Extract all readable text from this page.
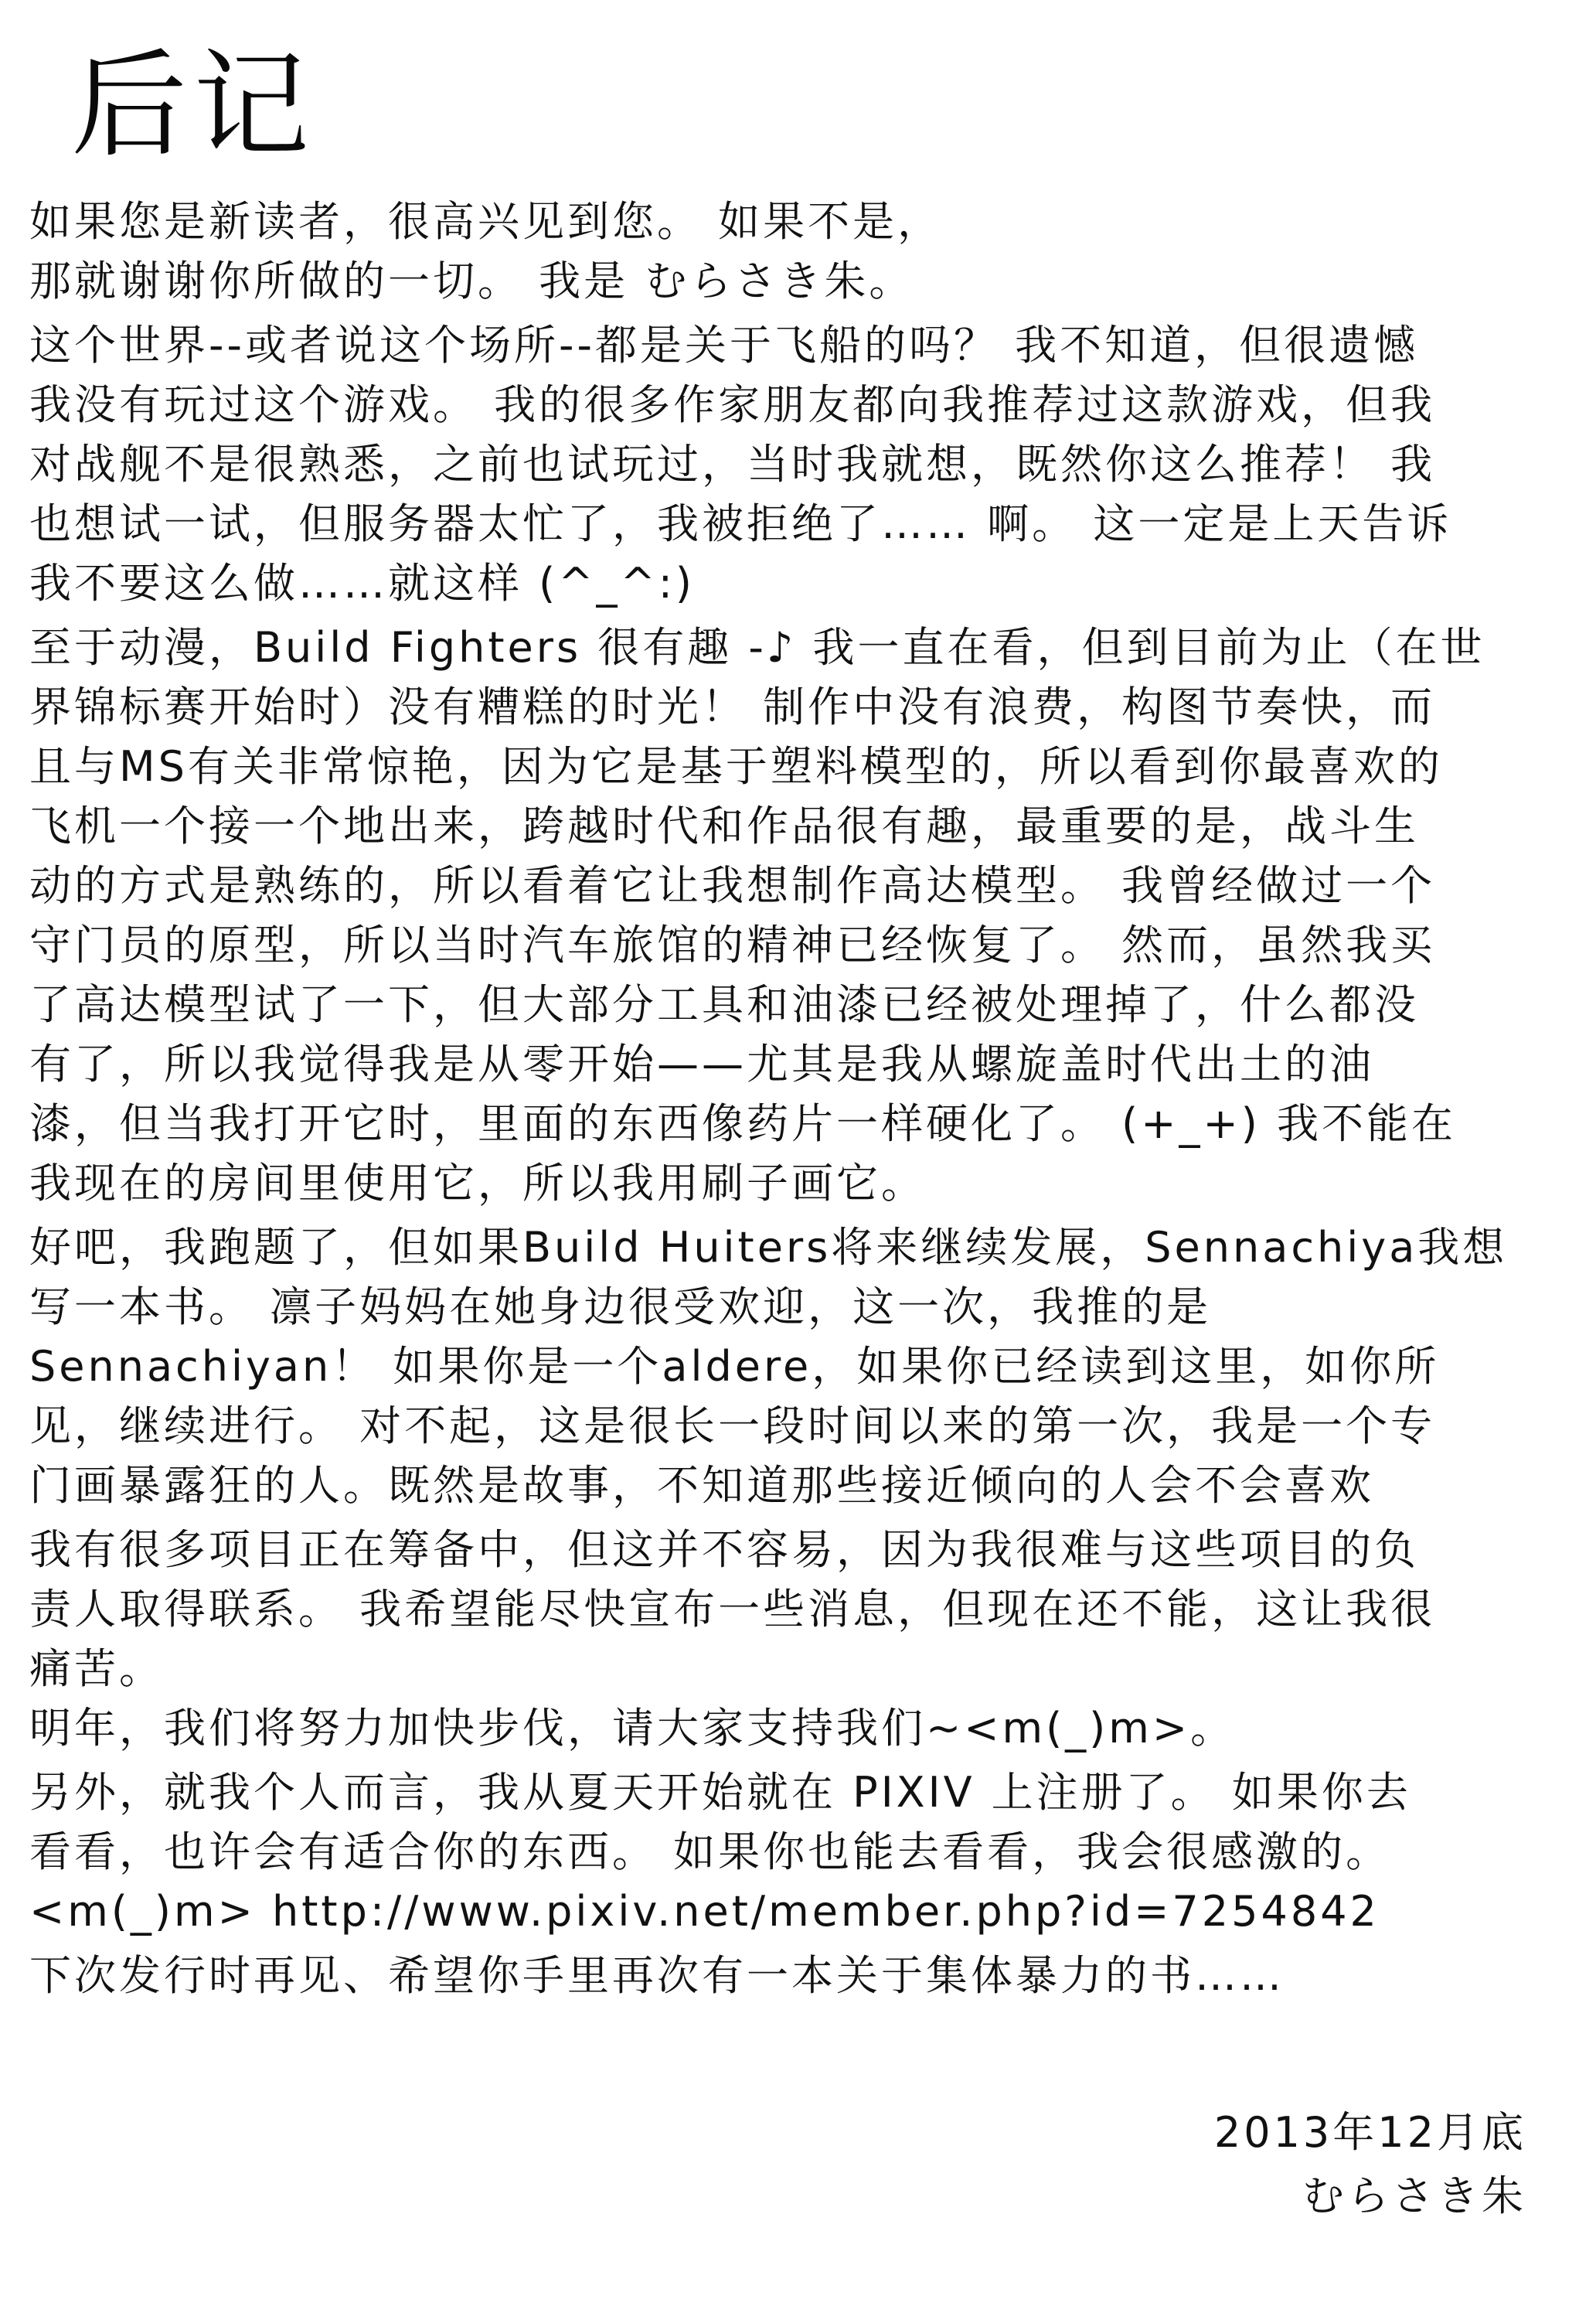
后记
如果您是新读者，很高兴见到您。 如果不是，
那就谢谢你所做的一切。 我是 むらさき朱。
这个世界--或者说这个场所--都是关于飞船的吗？ 我不知道，但很遗憾
我没有玩过这个游戏。 我的很多作家朋友都向我推荐过这款游戏，但我
对战舰不是很熟悉，之前也试玩过，当时我就想，既然你这么推荐！ 我
也想试一试，但服务器太忙了，我被拒绝了…… 啊。 这一定是上天告诉
我不要这么做……就这样 (^_^:)
至于动漫，Build Fighters 很有趣 -♪ 我一直在看，但到目前为止（在世
界锦标赛开始时）没有糟糕的时光！ 制作中没有浪费，构图节奏快，而
且与MS有关非常惊艳，因为它是基于塑料模型的，所以看到你最喜欢的
飞机一个接一个地出来，跨越时代和作品很有趣，最重要的是，战斗生
动的方式是熟练的，所以看着它让我想制作高达模型。 我曾经做过一个
守门员的原型，所以当时汽车旅馆的精神已经恢复了。 然而，虽然我买
了高达模型试了一下，但大部分工具和油漆已经被处理掉了，什么都没
有了，所以我觉得我是从零开始——尤其是我从螺旋盖时代出土的油
漆，但当我打开它时，里面的东西像药片一样硬化了。 (+_+) 我不能在
我现在的房间里使用它，所以我用刷子画它。
好吧，我跑题了，但如果Build Huiters将来继续发展，Sennachiya我想
写一本书。 凛子妈妈在她身边很受欢迎，这一次，我推的是
Sennachiyan！ 如果你是一个aldere，如果你已经读到这里，如你所
见，继续进行。 对不起，这是很长一段时间以来的第一次，我是一个专
门画暴露狂的人。既然是故事，不知道那些接近倾向的人会不会喜欢
我有很多项目正在筹备中，但这并不容易，因为我很难与这些项目的负
责人取得联系。 我希望能尽快宣布一些消息，但现在还不能，这让我很
痛苦。
明年，我们将努力加快步伐，请大家支持我们~<m(_)m>。
另外，就我个人而言，我从夏天开始就在 PIXIV 上注册了。 如果你去
看看，也许会有适合你的东西。 如果你也能去看看，我会很感激的。
<m(_)m> http://www.pixiv.net/member.php?id=7254842
下次发行时再见、希望你手里再次有一本关于集体暴力的书……
2013年12月底
むらさき朱
